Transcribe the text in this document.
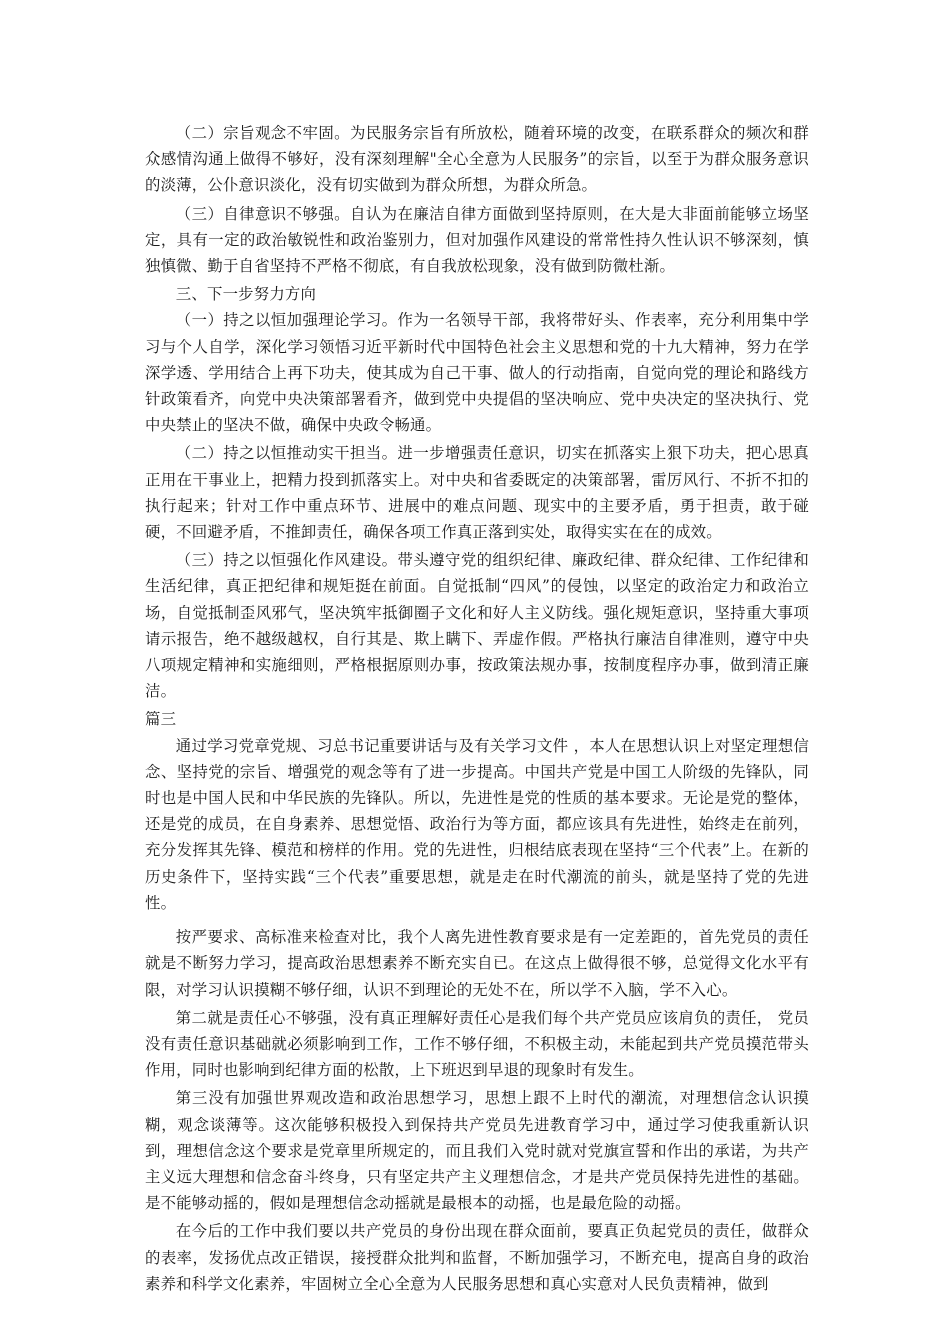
（二）宗旨观念不牢固。为民服务宗旨有所放松，随着环境的改变，在联系群众的频次和群众感情沟通上做得不够好，没有深刻理解"全心全意为人民服务”的宗旨，以至于为群众服务意识的淡薄，公仆意识淡化，没有切实做到为群众所想，为群众所急。

（三）自律意识不够强。自认为在廉洁自律方面做到坚持原则，在大是大非面前能够立场坚定，具有一定的政治敏锐性和政治鉴别力，但对加强作风建设的常常性持久性认识不够深刻，慎独慎微、勤于自省坚持不严格不彻底，有自我放松现象，没有做到防微杜渐。

三、下一步努力方向

（一）持之以恒加强理论学习。作为一名领导干部，我将带好头、作表率，充分利用集中学习与个人自学，深化学习领悟习近平新时代中国特色社会主义思想和党的十九大精神，努力在学深学透、学用结合上再下功夫，使其成为自己干事、做人的行动指南，自觉向党的理论和路线方针政策看齐，向党中央决策部署看齐，做到党中央提倡的坚决响应、党中央决定的坚决执行、党中央禁止的坚决不做，确保中央政令畅通。

（二）持之以恒推动实干担当。进一步增强责任意识，切实在抓落实上狠下功夫，把心思真正用在干事业上，把精力投到抓落实上。对中央和省委既定的决策部署，雷厉风行、不折不扣的执行起来；针对工作中重点环节、进展中的难点问题、现实中的主要矛盾，勇于担责，敢于碰硬，不回避矛盾，不推卸责任，确保各项工作真正落到实处，取得实实在在的成效。

（三）持之以恒强化作风建设。带头遵守党的组织纪律、廉政纪律、群众纪律、工作纪律和生活纪律，真正把纪律和规矩挺在前面。自觉抵制“四风”的侵蚀，以坚定的政治定力和政治立场，自觉抵制歪风邪气，坚决筑牢抵御圈子文化和好人主义防线。强化规矩意识，坚持重大事项请示报告，绝不越级越权，自行其是、欺上瞒下、弄虚作假。严格执行廉洁自律准则，遵守中央八项规定精神和实施细则，严格根据原则办事，按政策法规办事，按制度程序办事，做到清正廉洁。

篇三

通过学习党章党规、习总书记重要讲话与及有关学习文件 ，本人在思想认识上对坚定理想信念、坚持党的宗旨、增强党的观念等有了进一步提高。中国共产党是中国工人阶级的先锋队，同时也是中国人民和中华民族的先锋队。所以，先进性是党的性质的基本要求。无论是党的整体，还是党的成员，在自身素养、思想觉悟、政治行为等方面，都应该具有先进性，始终走在前列，充分发挥其先锋、模范和榜样的作用。党的先进性，归根结底表现在坚持“三个代表”上。在新的历史条件下，坚持实践“三个代表”重要思想，就是走在时代潮流的前头，就是坚持了党的先进性。

按严要求、高标准来检查对比，我个人离先进性教育要求是有一定差距的，首先党员的责任就是不断努力学习，提高政治思想素养不断充实自已。在这点上做得很不够，总觉得文化水平有限，对学习认识摸糊不够仔细，认识不到理论的无处不在，所以学不入脑，学不入心。

第二就是责任心不够强，没有真正理解好责任心是我们每个共产党员应该肩负的责任， 党员没有责任意识基础就必须影响到工作，工作不够仔细，不积极主动，未能起到共产党员摸范带头作用，同时也影响到纪律方面的松散，上下班迟到早退的现象时有发生。

第三没有加强世界观改造和政治思想学习，思想上跟不上时代的潮流，对理想信念认识摸糊，观念谈薄等。这次能够积极投入到保持共产党员先进教育学习中，通过学习使我重新认识到，理想信念这个要求是党章里所规定的，而且我们入党时就对党旗宣誓和作出的承诺，为共产主义远大理想和信念奋斗终身，只有坚定共产主义理想信念，才是共产党员保持先进性的基础。是不能够动摇的，假如是理想信念动摇就是最根本的动摇，也是最危险的动摇。

在今后的工作中我们要以共产党员的身份出现在群众面前，要真正负起党员的责任，做群众的表率，发扬优点改正错误，接授群众批判和监督，不断加强学习，不断充电，提高自身的政治素养和科学文化素养，牢固树立全心全意为人民服务思想和真心实意对人民负责精神，做到
